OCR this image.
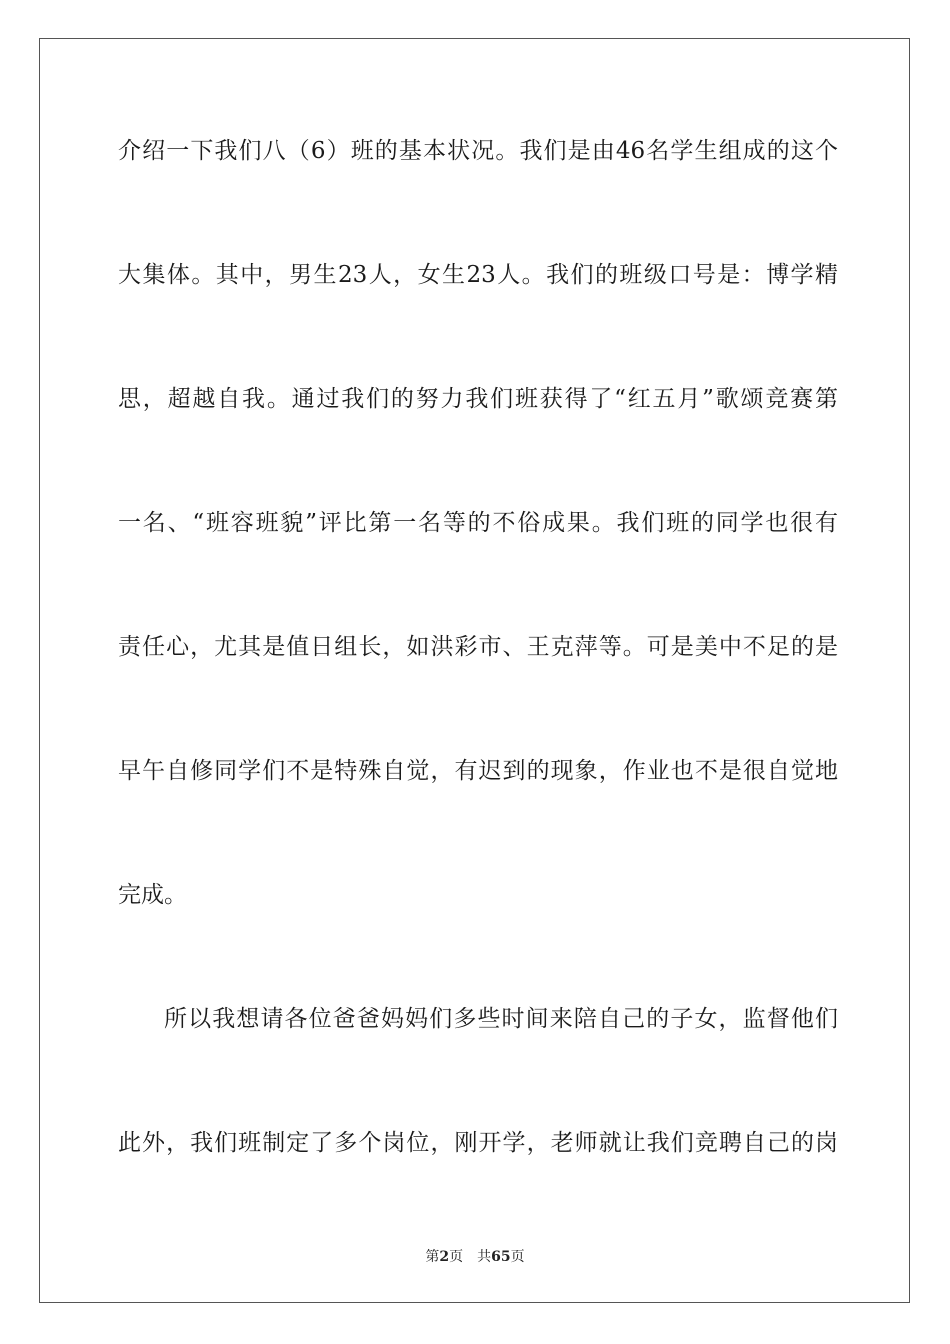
介绍一下我们八（6）班的基本状况。我们是由46名学生组成的这个
大集体。其中，男生23人，女生23人。我们的班级口号是：博学精
思，超越自我。通过我们的努力我们班获得了“红五月”歌颂竞赛第
一名、“班容班貌”评比第一名等的不俗成果。我们班的同学也很有
责任心，尤其是值日组长，如洪彩市、王克萍等。可是美中不足的是
早午自修同学们不是特殊自觉，有迟到的现象，作业也不是很自觉地
完成。
所以我想请各位爸爸妈妈们多些时间来陪自己的子女，监督他们
此外，我们班制定了多个岗位，刚开学，老师就让我们竞聘自己的岗
第2页 共65页
